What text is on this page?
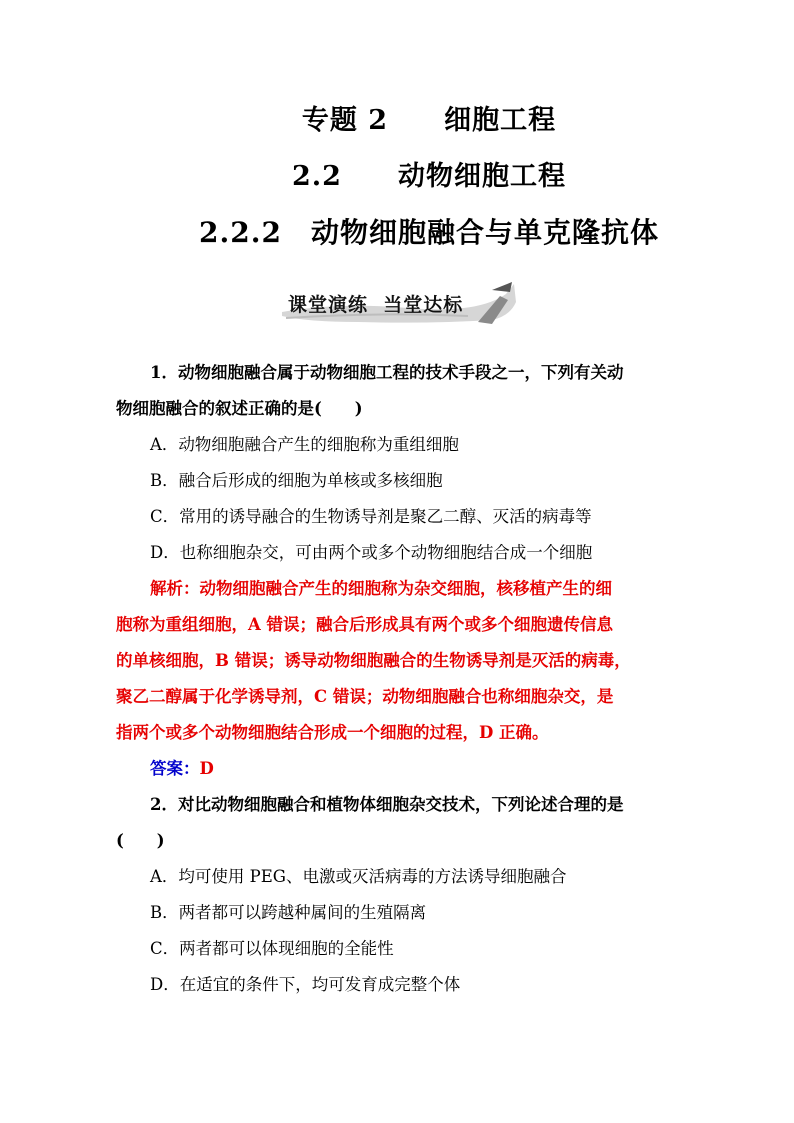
专题 2　　细胞工程
2.2　　动物细胞工程
2.2.2　动物细胞融合与单克隆抗体
课堂演练  当堂达标
1．动物细胞融合属于动物细胞工程的技术手段之一，下列有关动
物细胞融合的叙述正确的是(　　)
A．动物细胞融合产生的细胞称为重组细胞
B．融合后形成的细胞为单核或多核细胞
C．常用的诱导融合的生物诱导剂是聚乙二醇、灭活的病毒等
D．也称细胞杂交，可由两个或多个动物细胞结合成一个细胞
解析：动物细胞融合产生的细胞称为杂交细胞，核移植产生的细
胞称为重组细胞，A 错误；融合后形成具有两个或多个细胞遗传信息
的单核细胞，B 错误；诱导动物细胞融合的生物诱导剂是灭活的病毒，
聚乙二醇属于化学诱导剂，C 错误；动物细胞融合也称细胞杂交，是
指两个或多个动物细胞结合形成一个细胞的过程，D 正确。
答案：D
2．对比动物细胞融合和植物体细胞杂交技术，下列论述合理的是
(　　)
A．均可使用 PEG、电激或灭活病毒的方法诱导细胞融合
B．两者都可以跨越种属间的生殖隔离
C．两者都可以体现细胞的全能性
D．在适宜的条件下，均可发育成完整个体
